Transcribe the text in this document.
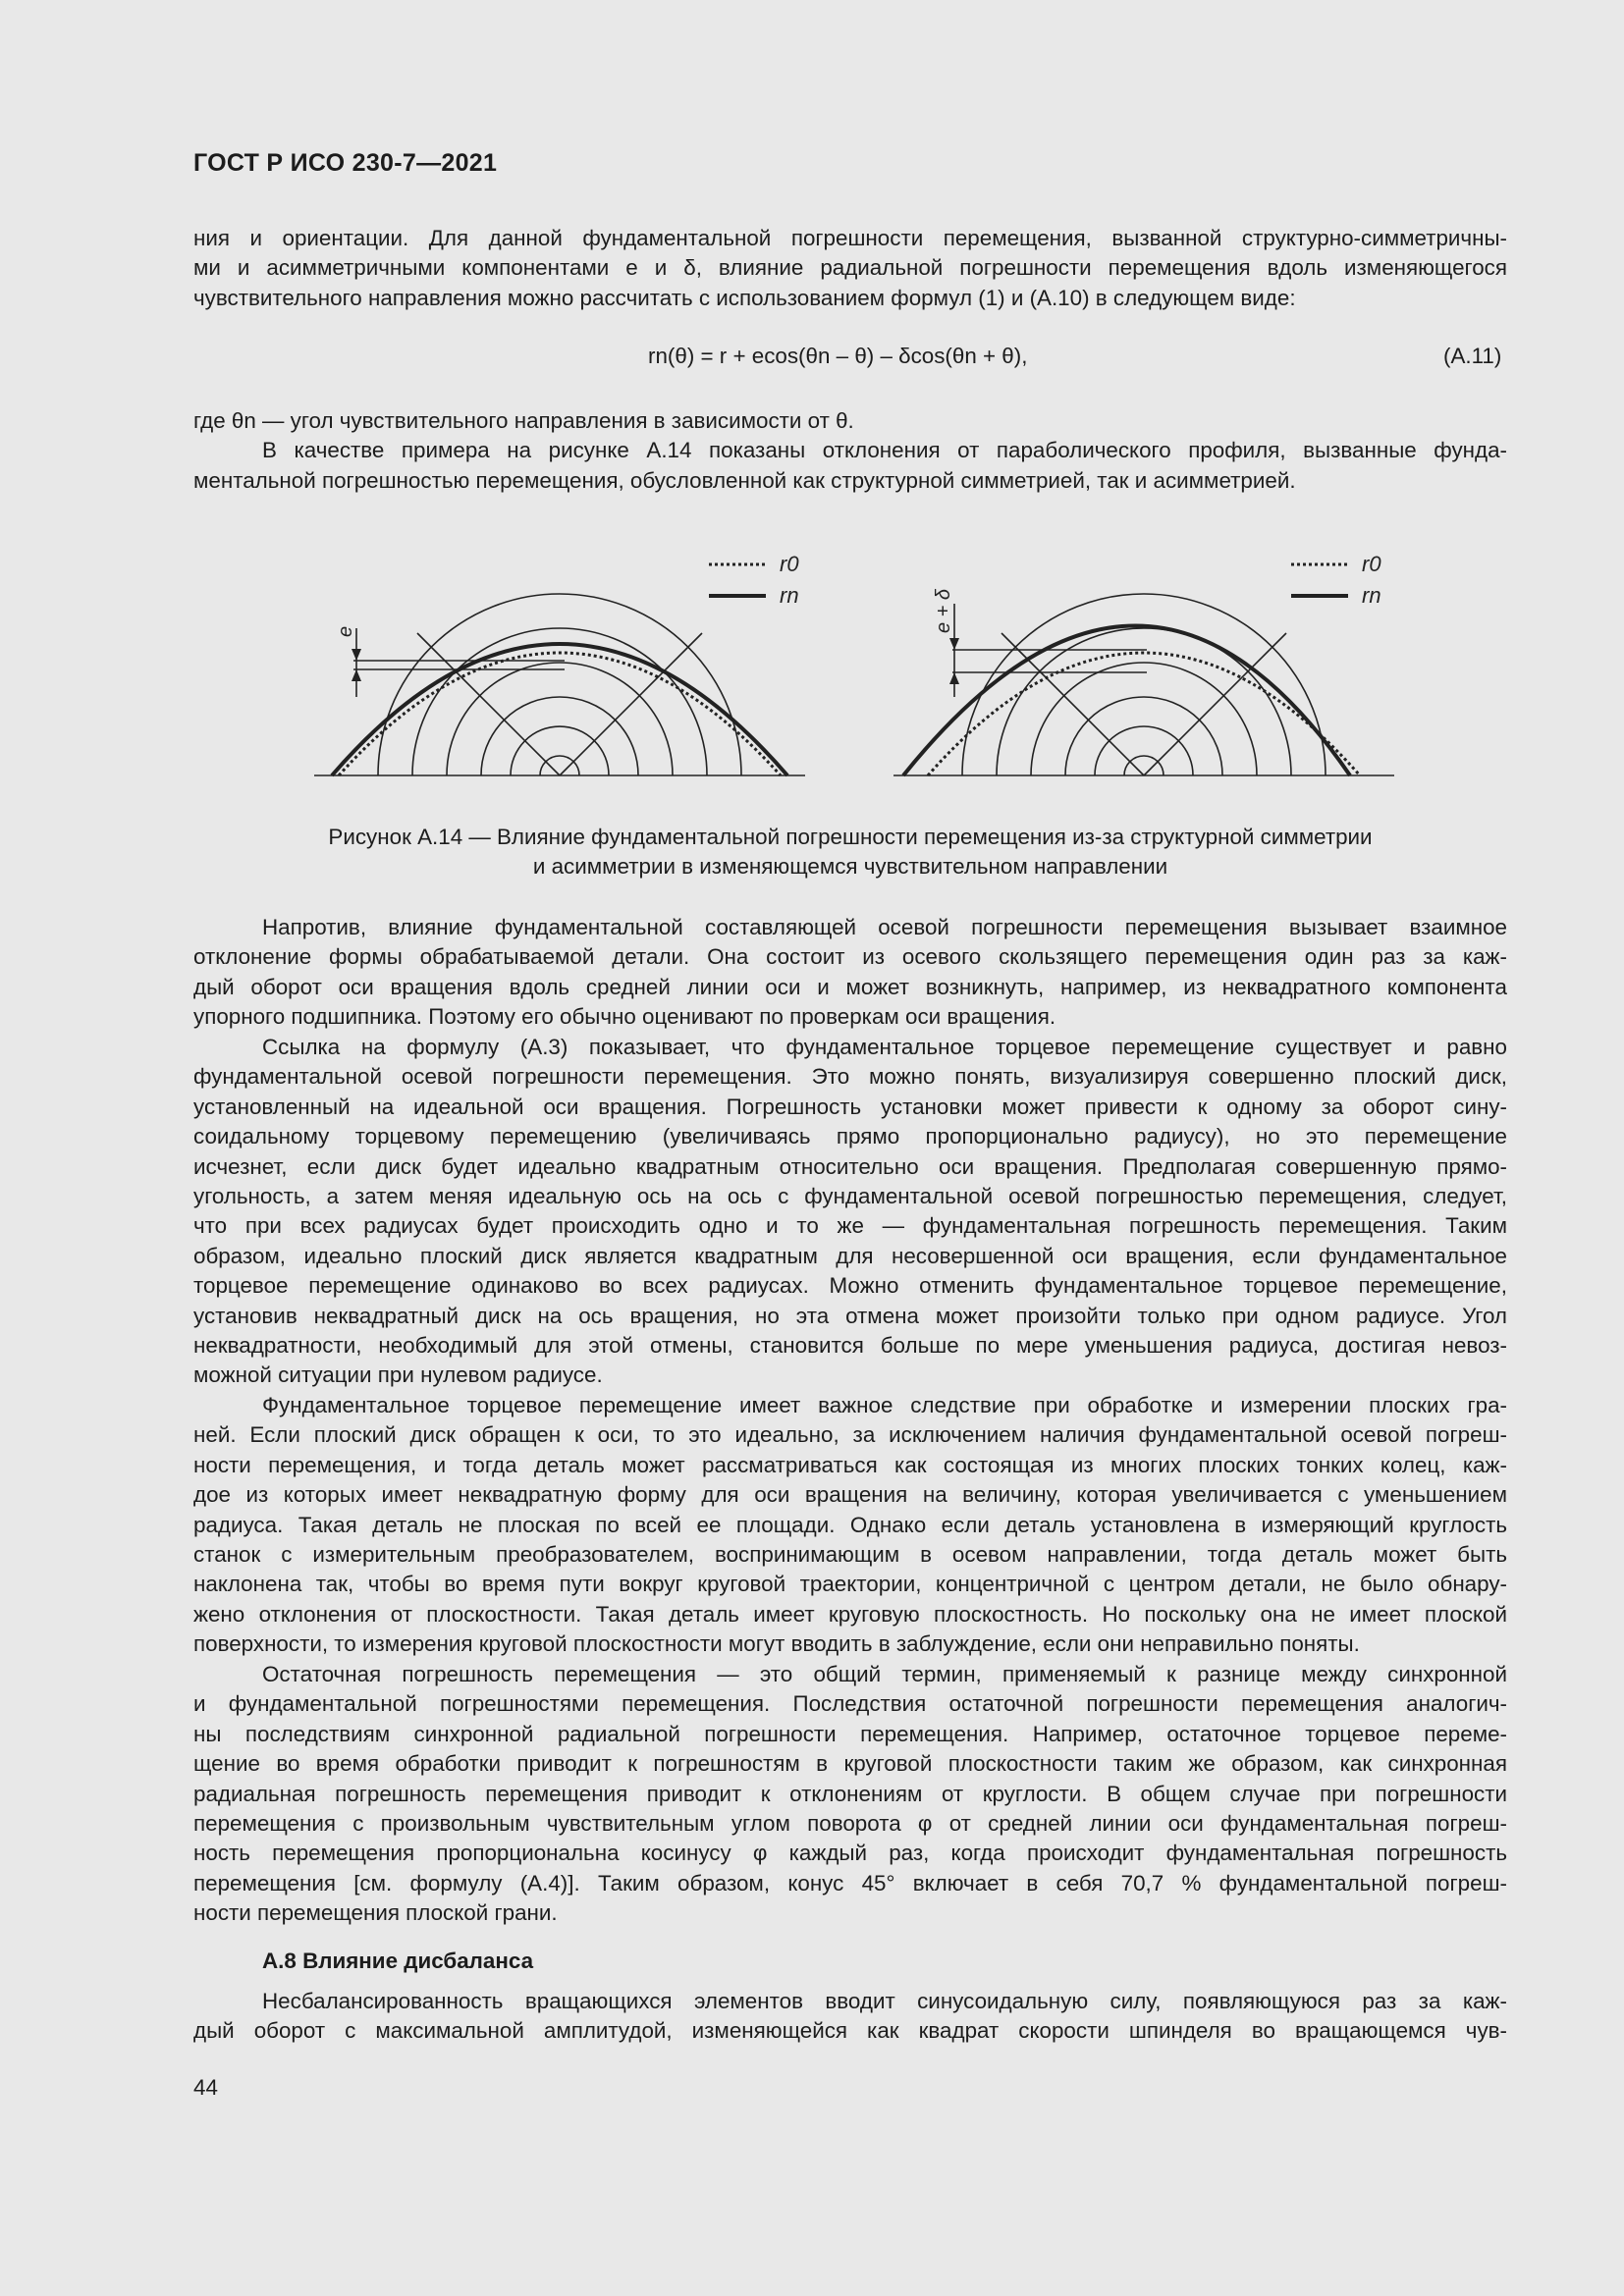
ГОСТ Р ИСО 230-7—2021
ния и ориентации. Для данной фундаментальной погрешности перемещения, вызванной структурно-симметричны-
ми и асимметричными компонентами e и δ, влияние радиальной погрешности перемещения вдоль изменяющегося
чувствительного направления можно рассчитать с использованием формул (1) и (А.10) в следующем виде:
rn(θ) = r + ecos(θn – θ) – δcos(θn + θ),	(А.11)
где θn — угол чувствительного направления в зависимости от θ.
В качестве примера на рисунке А.14 показаны отклонения от параболического профиля, вызванные фунда-
ментальной погрешностью перемещения, обусловленной как структурной симметрией, так и асимметрией.
e
r0
rn	e + δ
r0
rn
Рисунок А.14 — Влияние фундаментальной погрешности перемещения из-за структурной симметрии
и асимметрии в изменяющемся чувствительном направлении
Напротив, влияние фундаментальной составляющей осевой погрешности перемещения вызывает взаимное
отклонение формы обрабатываемой детали. Она состоит из осевого скользящего перемещения один раз за каж-
дый оборот оси вращения вдоль средней линии оси и может возникнуть, например, из неквадратного компонента
упорного подшипника. Поэтому его обычно оценивают по проверкам оси вращения.
Ссылка на формулу (А.3) показывает, что фундаментальное торцевое перемещение существует и равно
фундаментальной осевой погрешности перемещения. Это можно понять, визуализируя совершенно плоский диск,
установленный на идеальной оси вращения. Погрешность установки может привести к одному за оборот сину-
соидальному торцевому перемещению (увеличиваясь прямо пропорционально радиусу), но это перемещение
исчезнет, если диск будет идеально квадратным относительно оси вращения. Предполагая совершенную прямо-
угольность, а затем меняя идеальную ось на ось с фундаментальной осевой погрешностью перемещения, следует,
что при всех радиусах будет происходить одно и то же — фундаментальная погрешность перемещения. Таким
образом, идеально плоский диск является квадратным для несовершенной оси вращения, если фундаментальное
торцевое перемещение одинаково во всех радиусах. Можно отменить фундаментальное торцевое перемещение,
установив неквадратный диск на ось вращения, но эта отмена может произойти только при одном радиусе. Угол
неквадратности, необходимый для этой отмены, становится больше по мере уменьшения радиуса, достигая невоз-
можной ситуации при нулевом радиусе.
Фундаментальное торцевое перемещение имеет важное следствие при обработке и измерении плоских гра-
ней. Если плоский диск обращен к оси, то это идеально, за исключением наличия фундаментальной осевой погреш-
ности перемещения, и тогда деталь может рассматриваться как состоящая из многих плоских тонких колец, каж-
дое из которых имеет неквадратную форму для оси вращения на величину, которая увеличивается с уменьшением
радиуса. Такая деталь не плоская по всей ее площади. Однако если деталь установлена в измеряющий круглость
станок с измерительным преобразователем, воспринимающим в осевом направлении, тогда деталь может быть
наклонена так, чтобы во время пути вокруг круговой траектории, концентричной с центром детали, не было обнару-
жено отклонения от плоскостности. Такая деталь имеет круговую плоскостность. Но поскольку она не имеет плоской
поверхности, то измерения круговой плоскостности могут вводить в заблуждение, если они неправильно поняты.
Остаточная погрешность перемещения — это общий термин, применяемый к разнице между синхронной
и фундаментальной погрешностями перемещения. Последствия остаточной погрешности перемещения аналогич-
ны последствиям синхронной радиальной погрешности перемещения. Например, остаточное торцевое переме-
щение во время обработки приводит к погрешностям в круговой плоскостности таким же образом, как синхронная
радиальная погрешность перемещения приводит к отклонениям от круглости. В общем случае при погрешности
перемещения с произвольным чувствительным углом поворота φ от средней линии оси фундаментальная погреш-
ность перемещения пропорциональна косинусу φ каждый раз, когда происходит фундаментальная погрешность
перемещения [см. формулу (А.4)]. Таким образом, конус 45° включает в себя 70,7 % фундаментальной погреш-
ности перемещения плоской грани.
А.8 Влияние дисбаланса
Несбалансированность вращающихся элементов вводит синусоидальную силу, появляющуюся раз за каж-
дый оборот с максимальной амплитудой, изменяющейся как квадрат скорости шпинделя во вращающемся чув-
44
